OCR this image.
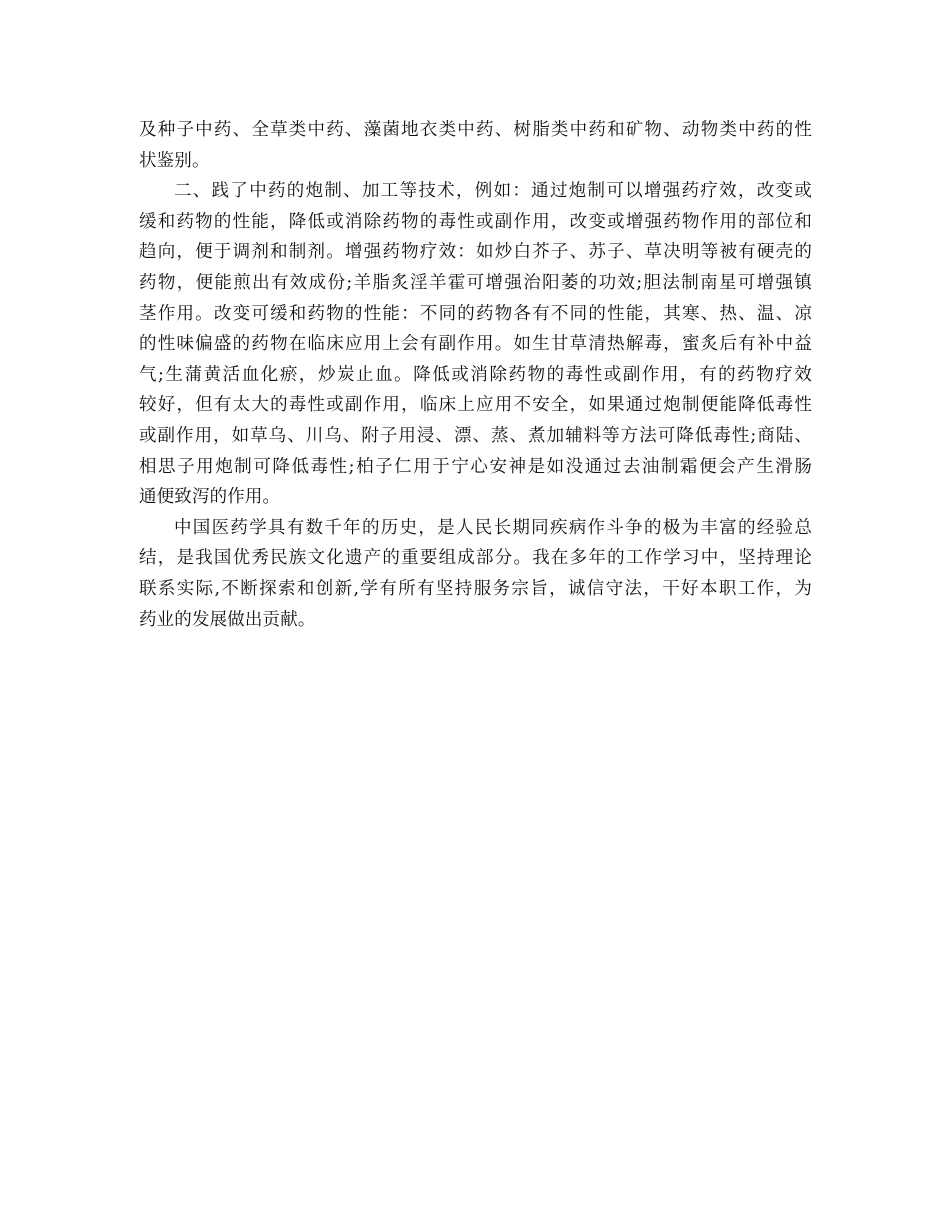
及种子中药、全草类中药、藻菌地衣类中药、树脂类中药和矿物、动物类中药的性
状鉴别。
二、践了中药的炮制、加工等技术，例如：通过炮制可以增强药疗效，改变或
缓和药物的性能，降低或消除药物的毒性或副作用，改变或增强药物作用的部位和
趋向，便于调剂和制剂。增强药物疗效：如炒白芥子、苏子、草决明等被有硬壳的
药物，便能煎出有效成份;羊脂炙淫羊霍可增强治阳萎的功效;胆法制南星可增强镇
茎作用。改变可缓和药物的性能：不同的药物各有不同的性能，其寒、热、温、凉
的性味偏盛的药物在临床应用上会有副作用。如生甘草清热解毒，蜜炙后有补中益
气;生蒲黄活血化瘀，炒炭止血。降低或消除药物的毒性或副作用，有的药物疗效
较好，但有太大的毒性或副作用，临床上应用不安全，如果通过炮制便能降低毒性
或副作用，如草乌、川乌、附子用浸、漂、蒸、煮加辅料等方法可降低毒性;商陆、
相思子用炮制可降低毒性;柏子仁用于宁心安神是如没通过去油制霜便会产生滑肠
通便致泻的作用。
中国医药学具有数千年的历史，是人民长期同疾病作斗争的极为丰富的经验总
结，是我国优秀民族文化遗产的重要组成部分。我在多年的工作学习中，坚持理论
联系实际,不断探索和创新,学有所有坚持服务宗旨，诚信守法，干好本职工作，为
药业的发展做出贡献。
